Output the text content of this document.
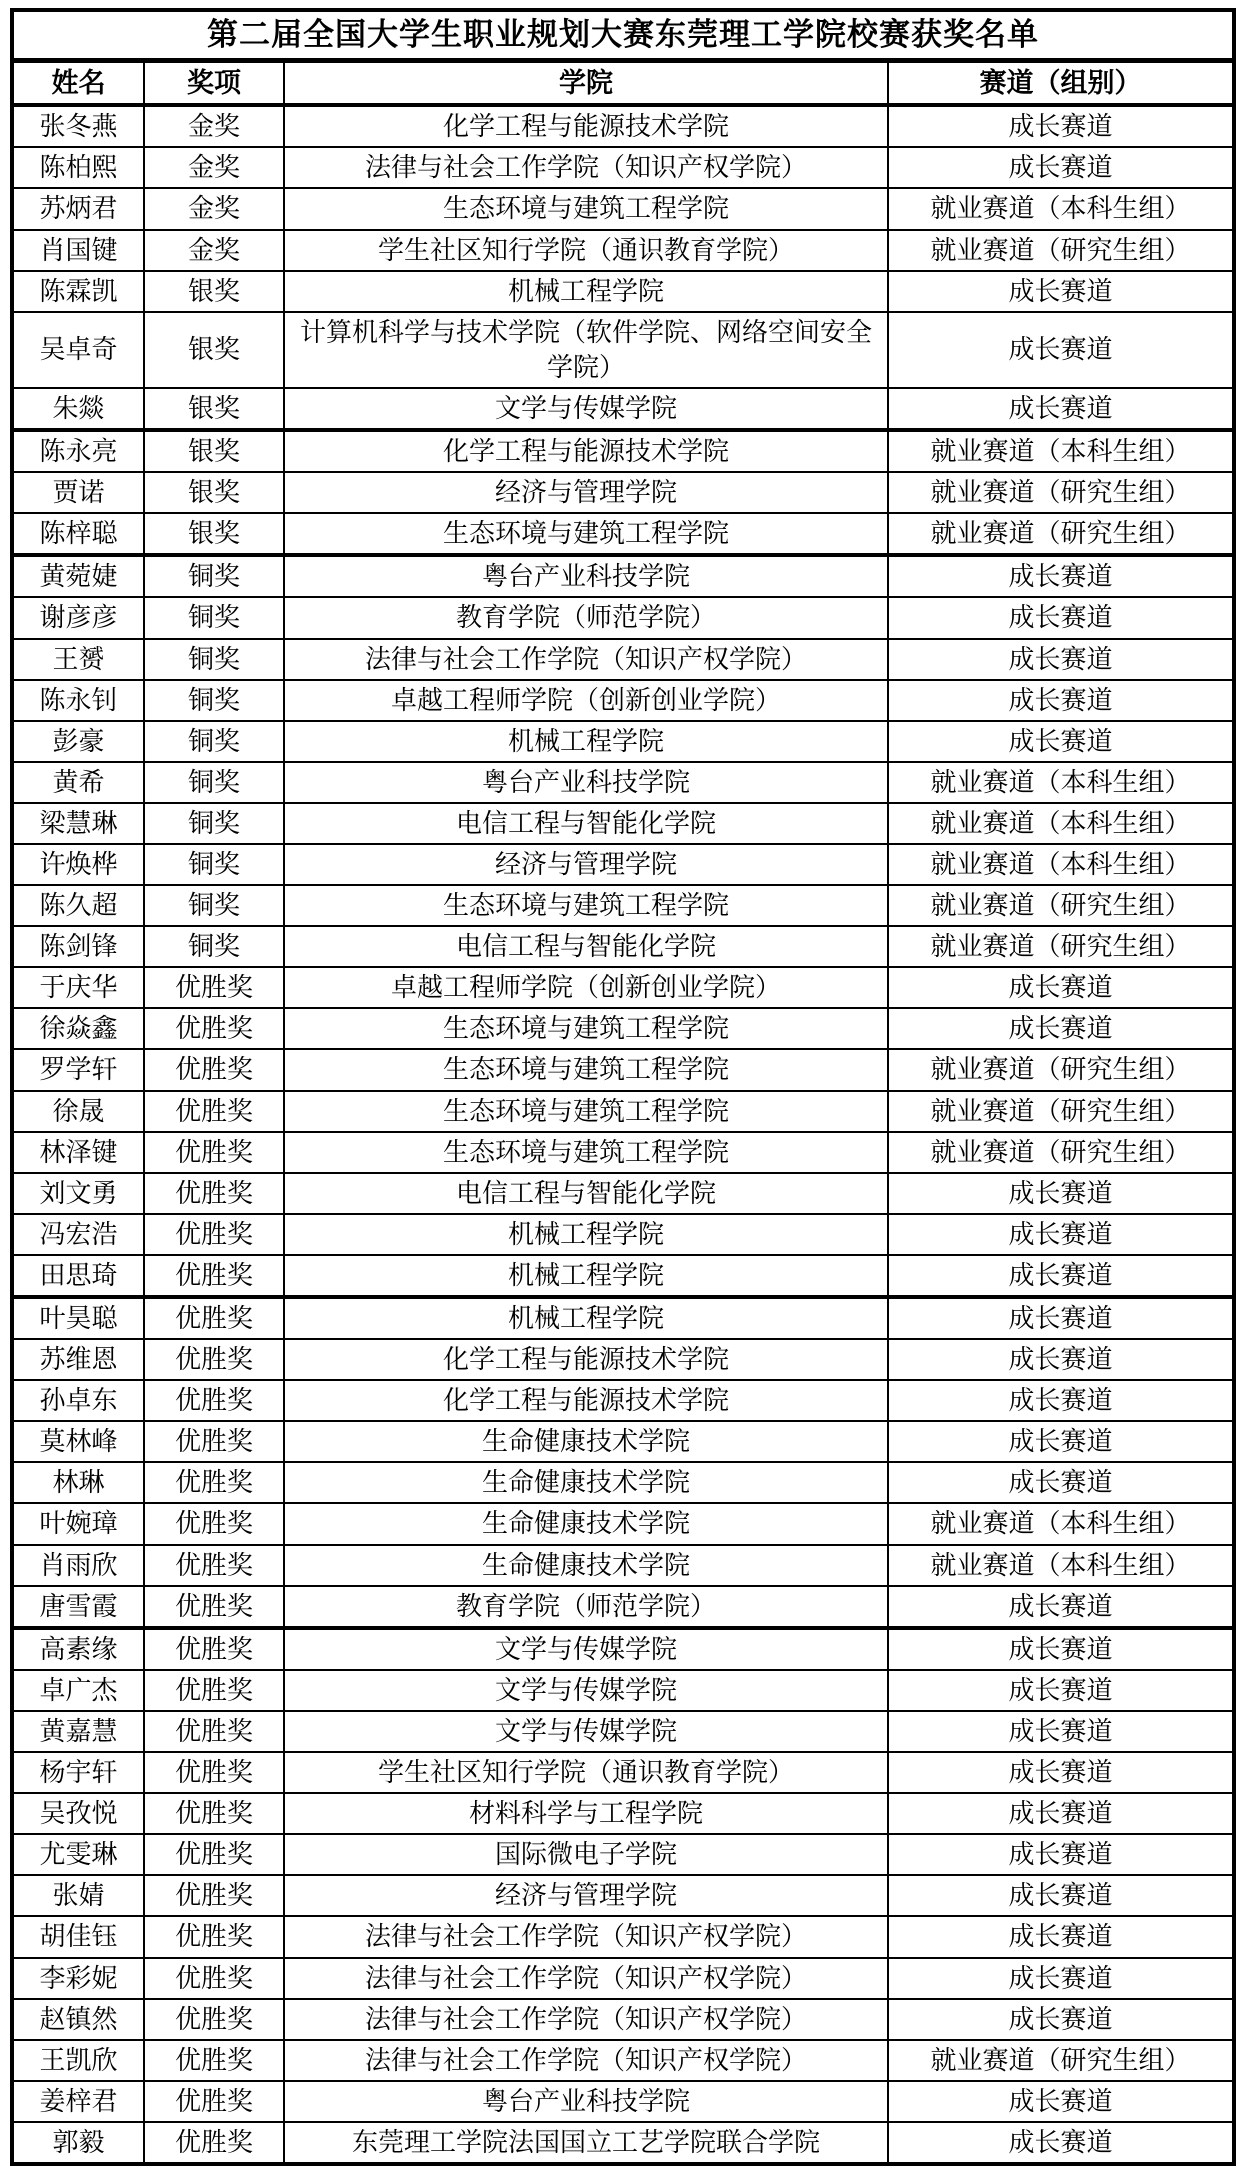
第二届全国大学生职业规划大赛东莞理工学院校赛获奖名单			
姓名	奖项	学院	赛道（组别）
张冬燕	金奖	化学工程与能源技术学院	成长赛道
陈柏熙	金奖	法律与社会工作学院（知识产权学院）	成长赛道
苏炳君	金奖	生态环境与建筑工程学院	就业赛道（本科生组）
肖国键	金奖	学生社区知行学院（通识教育学院）	就业赛道（研究生组）
陈霖凯	银奖	机械工程学院	成长赛道
吴卓奇	银奖	计算机科学与技术学院（软件学院、网络空间安全学院）	成长赛道
朱燚	银奖	文学与传媒学院	成长赛道
陈永亮	银奖	化学工程与能源技术学院	就业赛道（本科生组）
贾诺	银奖	经济与管理学院	就业赛道（研究生组）
陈梓聪	银奖	生态环境与建筑工程学院	就业赛道（研究生组）
黄菀婕	铜奖	粤台产业科技学院	成长赛道
谢彦彦	铜奖	教育学院（师范学院）	成长赛道
王赟	铜奖	法律与社会工作学院（知识产权学院）	成长赛道
陈永钊	铜奖	卓越工程师学院（创新创业学院）	成长赛道
彭豪	铜奖	机械工程学院	成长赛道
黄希	铜奖	粤台产业科技学院	就业赛道（本科生组）
梁慧琳	铜奖	电信工程与智能化学院	就业赛道（本科生组）
许焕桦	铜奖	经济与管理学院	就业赛道（本科生组）
陈久超	铜奖	生态环境与建筑工程学院	就业赛道（研究生组）
陈剑锋	铜奖	电信工程与智能化学院	就业赛道（研究生组）
于庆华	优胜奖	卓越工程师学院（创新创业学院）	成长赛道
徐焱鑫	优胜奖	生态环境与建筑工程学院	成长赛道
罗学轩	优胜奖	生态环境与建筑工程学院	就业赛道（研究生组）
徐晟	优胜奖	生态环境与建筑工程学院	就业赛道（研究生组）
林泽键	优胜奖	生态环境与建筑工程学院	就业赛道（研究生组）
刘文勇	优胜奖	电信工程与智能化学院	成长赛道
冯宏浩	优胜奖	机械工程学院	成长赛道
田思琦	优胜奖	机械工程学院	成长赛道
叶昊聪	优胜奖	机械工程学院	成长赛道
苏维恩	优胜奖	化学工程与能源技术学院	成长赛道
孙卓东	优胜奖	化学工程与能源技术学院	成长赛道
莫林峰	优胜奖	生命健康技术学院	成长赛道
林琳	优胜奖	生命健康技术学院	成长赛道
叶婉璋	优胜奖	生命健康技术学院	就业赛道（本科生组）
肖雨欣	优胜奖	生命健康技术学院	就业赛道（本科生组）
唐雪霞	优胜奖	教育学院（师范学院）	成长赛道
高素缘	优胜奖	文学与传媒学院	成长赛道
卓广杰	优胜奖	文学与传媒学院	成长赛道
黄嘉慧	优胜奖	文学与传媒学院	成长赛道
杨宇轩	优胜奖	学生社区知行学院（通识教育学院）	成长赛道
吴孜悦	优胜奖	材料科学与工程学院	成长赛道
尤雯琳	优胜奖	国际微电子学院	成长赛道
张婧	优胜奖	经济与管理学院	成长赛道
胡佳钰	优胜奖	法律与社会工作学院（知识产权学院）	成长赛道
李彩妮	优胜奖	法律与社会工作学院（知识产权学院）	成长赛道
赵镇然	优胜奖	法律与社会工作学院（知识产权学院）	成长赛道
王凯欣	优胜奖	法律与社会工作学院（知识产权学院）	就业赛道（研究生组）
姜梓君	优胜奖	粤台产业科技学院	成长赛道
郭毅	优胜奖	东莞理工学院法国国立工艺学院联合学院	成长赛道
